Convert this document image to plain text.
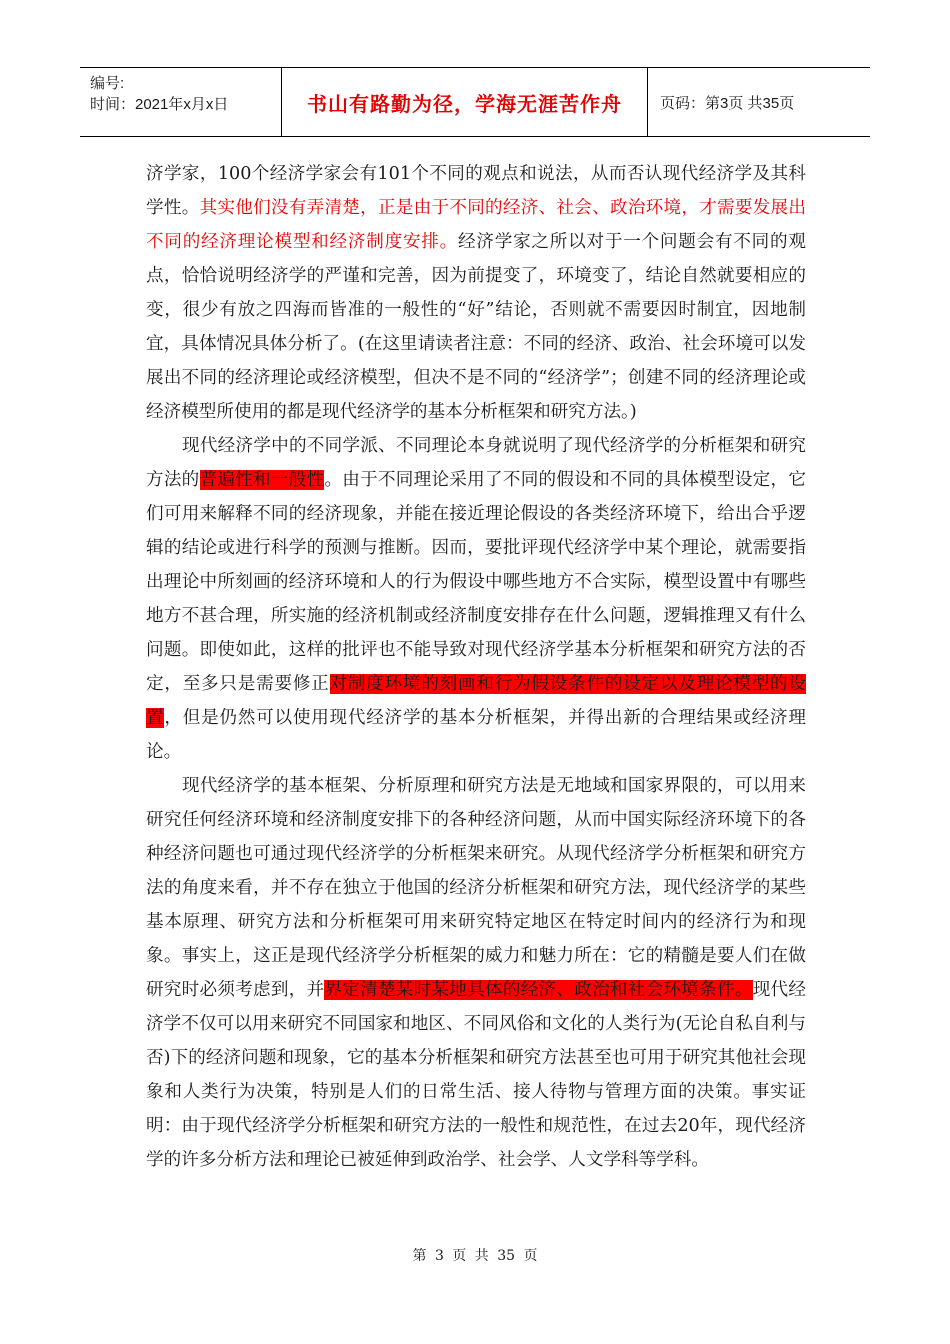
编号:
时间：2021年x月x日	书山有路勤为径，学海无涯苦作舟	页码：第3页 共35页

济学家，100个经济学家会有101个不同的观点和说法，从而否认现代经济学及其科学性。其实他们没有弄清楚，正是由于不同的经济、社会、政治环境，才需要发展出不同的经济理论模型和经济制度安排。经济学家之所以对于一个问题会有不同的观点，恰恰说明经济学的严谨和完善，因为前提变了，环境变了，结论自然就要相应的变，很少有放之四海而皆准的一般性的“好”结论，否则就不需要因时制宜，因地制宜，具体情况具体分析了。(在这里请读者注意：不同的经济、政治、社会环境可以发展出不同的经济理论或经济模型，但决不是不同的“经济学”；创建不同的经济理论或经济模型所使用的都是现代经济学的基本分析框架和研究方法。)

现代经济学中的不同学派、不同理论本身就说明了现代经济学的分析框架和研究方法的普遍性和一般性。由于不同理论采用了不同的假设和不同的具体模型设定，它们可用来解释不同的经济现象，并能在接近理论假设的各类经济环境下，给出合乎逻辑的结论或进行科学的预测与推断。因而，要批评现代经济学中某个理论，就需要指出理论中所刻画的经济环境和人的行为假设中哪些地方不合实际，模型设置中有哪些地方不甚合理，所实施的经济机制或经济制度安排存在什么问题，逻辑推理又有什么问题。即使如此，这样的批评也不能导致对现代经济学基本分析框架和研究方法的否定，至多只是需要修正对制度环境的刻画和行为假设条件的设定以及理论模型的设置，但是仍然可以使用现代经济学的基本分析框架，并得出新的合理结果或经济理论。

现代经济学的基本框架、分析原理和研究方法是无地域和国家界限的，可以用来研究任何经济环境和经济制度安排下的各种经济问题，从而中国实际经济环境下的各种经济问题也可通过现代经济学的分析框架来研究。从现代经济学分析框架和研究方法的角度来看，并不存在独立于他国的经济分析框架和研究方法，现代经济学的某些基本原理、研究方法和分析框架可用来研究特定地区在特定时间内的经济行为和现象。事实上，这正是现代经济学分析框架的威力和魅力所在：它的精髓是要人们在做研究时必须考虑到，并界定清楚某时某地具体的经济、政治和社会环境条件。现代经济学不仅可以用来研究不同国家和地区、不同风俗和文化的人类行为(无论自私自利与否)下的经济问题和现象，它的基本分析框架和研究方法甚至也可用于研究其他社会现象和人类行为决策，特别是人们的日常生活、接人待物与管理方面的决策。事实证明：由于现代经济学分析框架和研究方法的一般性和规范性，在过去20年，现代经济学的许多分析方法和理论已被延伸到政治学、社会学、人文学科等学科。

第 3 页 共 35 页
